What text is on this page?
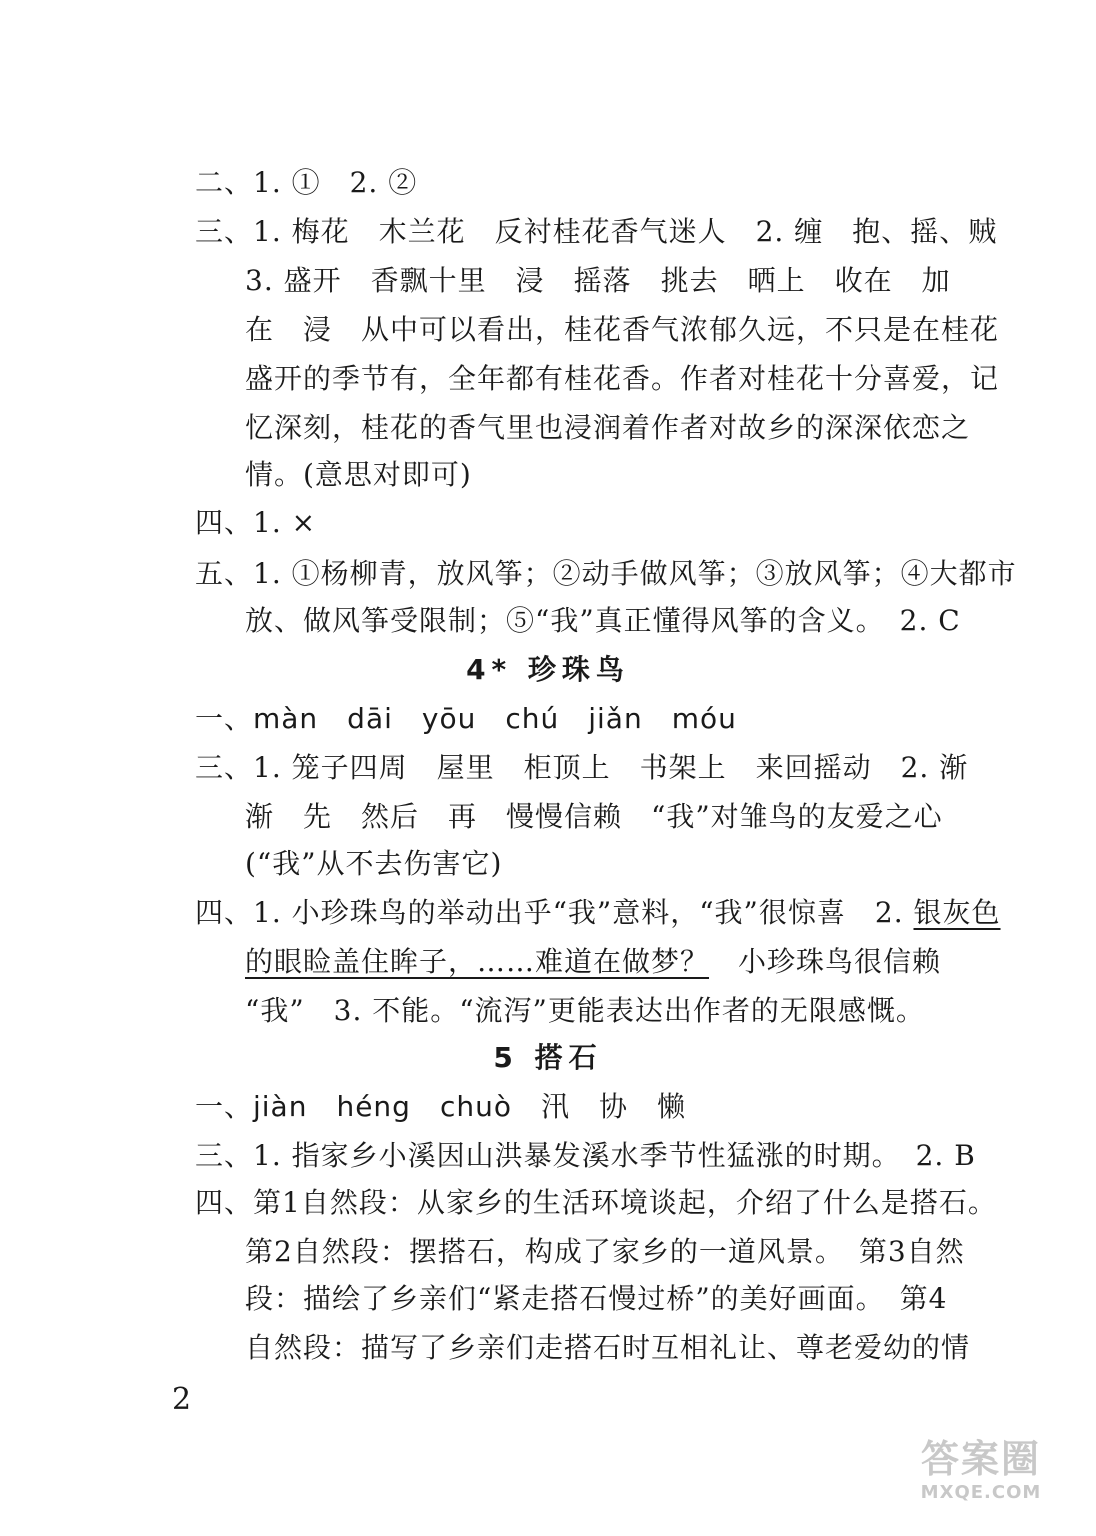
二、1. ①　2. ②
三、1. 梅花　木兰花　反衬桂花香气迷人　2. 缠　抱、摇、贼
3. 盛开　香飘十里　浸　摇落　挑去　晒上　收在　加
在　浸　从中可以看出，桂花香气浓郁久远，不只是在桂花
盛开的季节有，全年都有桂花香。作者对桂花十分喜爱，记
忆深刻，桂花的香气里也浸润着作者对故乡的深深依恋之
情。(意思对即可)
四、1. ×
五、1. ①杨柳青，放风筝；②动手做风筝；③放风筝；④大都市
放、做风筝受限制；⑤“我”真正懂得风筝的含义。　2. C
4* 珍珠鸟
一、màn　dāi　yōu　chú　jiǎn　móu
三、1. 笼子四周　屋里　柜顶上　书架上　来回摇动　2. 渐
渐　先　然后　再　慢慢信赖　“我”对雏鸟的友爱之心
(“我”从不去伤害它)
四、1. 小珍珠鸟的举动出乎“我”意料，“我”很惊喜　2. 银灰色
的眼睑盖住眸子，……难道在做梦？　小珍珠鸟很信赖
“我”　3. 不能。“流泻”更能表达出作者的无限感慨。
5 搭石
一、jiàn　héng　chuò　汛　协　懒
三、1. 指家乡小溪因山洪暴发溪水季节性猛涨的时期。　2. B
四、第1自然段：从家乡的生活环境谈起，介绍了什么是搭石。
第2自然段：摆搭石，构成了家乡的一道风景。　第3自然
段：描绘了乡亲们“紧走搭石慢过桥”的美好画面。　第4
自然段：描写了乡亲们走搭石时互相礼让、尊老爱幼的情
2
答案圈
MXQE.COM
